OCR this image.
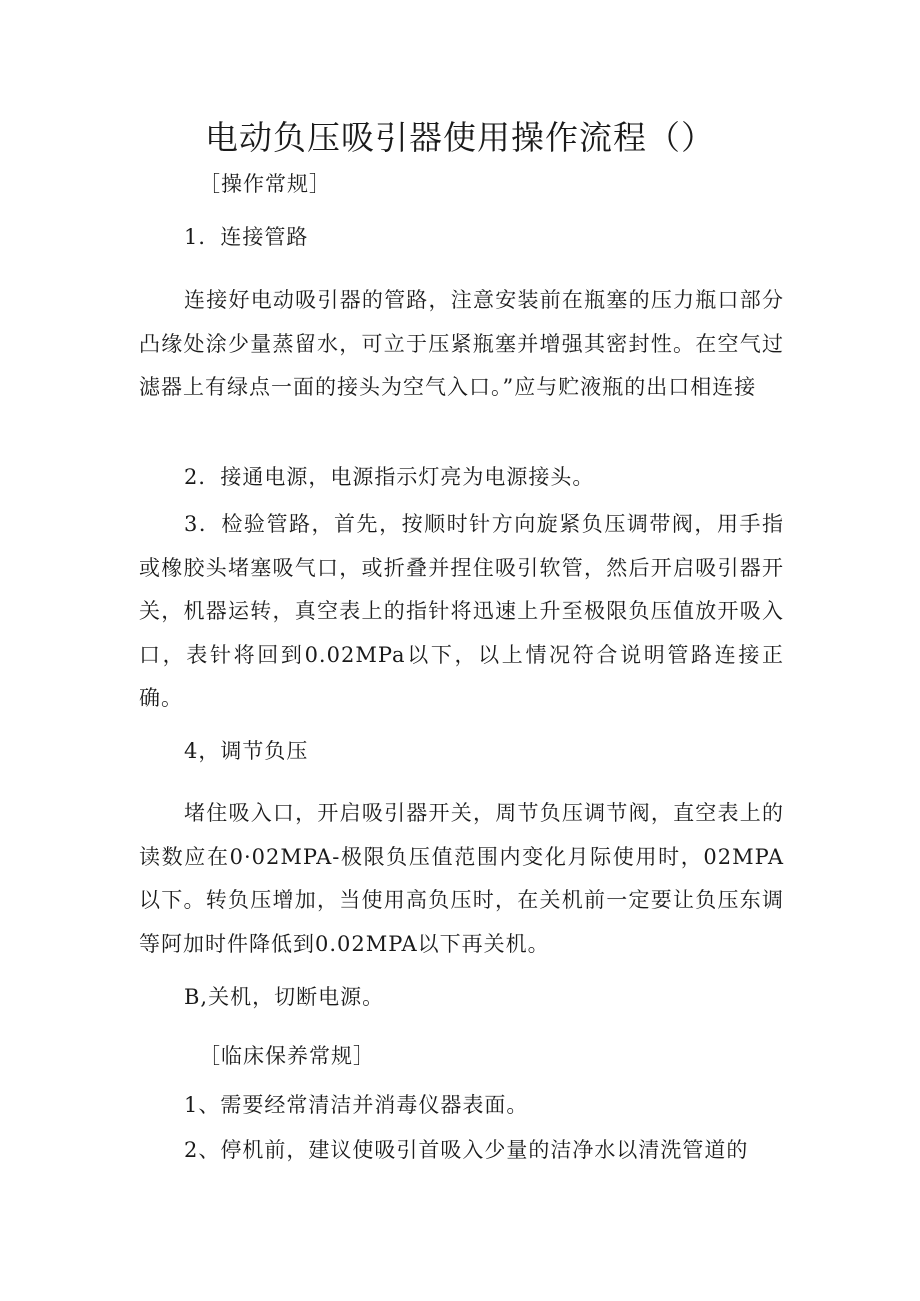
电动负压吸引器使用操作流程（）
［操作常规］
1．连接管路
连接好电动吸引器的管路，注意安装前在瓶塞的压力瓶口部分凸缘处涂少量蒸留水，可立于压紧瓶塞并增强其密封性。在空气过滤器上有绿点一面的接头为空气入口。”应与贮液瓶的出口相连接
2．接通电源，电源指示灯亮为电源接头。
3．检验管路，首先，按顺时针方向旋紧负压调带阀，用手指或橡胶头堵塞吸气口，或折叠并捏住吸引软管，然后开启吸引器开关，机器运转，真空表上的指针将迅速上升至极限负压值放开吸入口，表针将回到0.02MPa以下，以上情况符合说明管路连接正确。
4，调节负压
堵住吸入口，开启吸引器开关，周节负压调节阀，直空表上的读数应在0·02MPA-极限负压值范围内变化月际使用时，02MPA以下。转负压增加，当使用高负压时，在关机前一定要让负压东调等阿加时件降低到0.02MPA以下再关机。
B,关机，切断电源。
［临床保养常规］
1、需要经常清洁并消毒仪器表面。
2、停机前，建议使吸引首吸入少量的洁净水以清洗管道的
